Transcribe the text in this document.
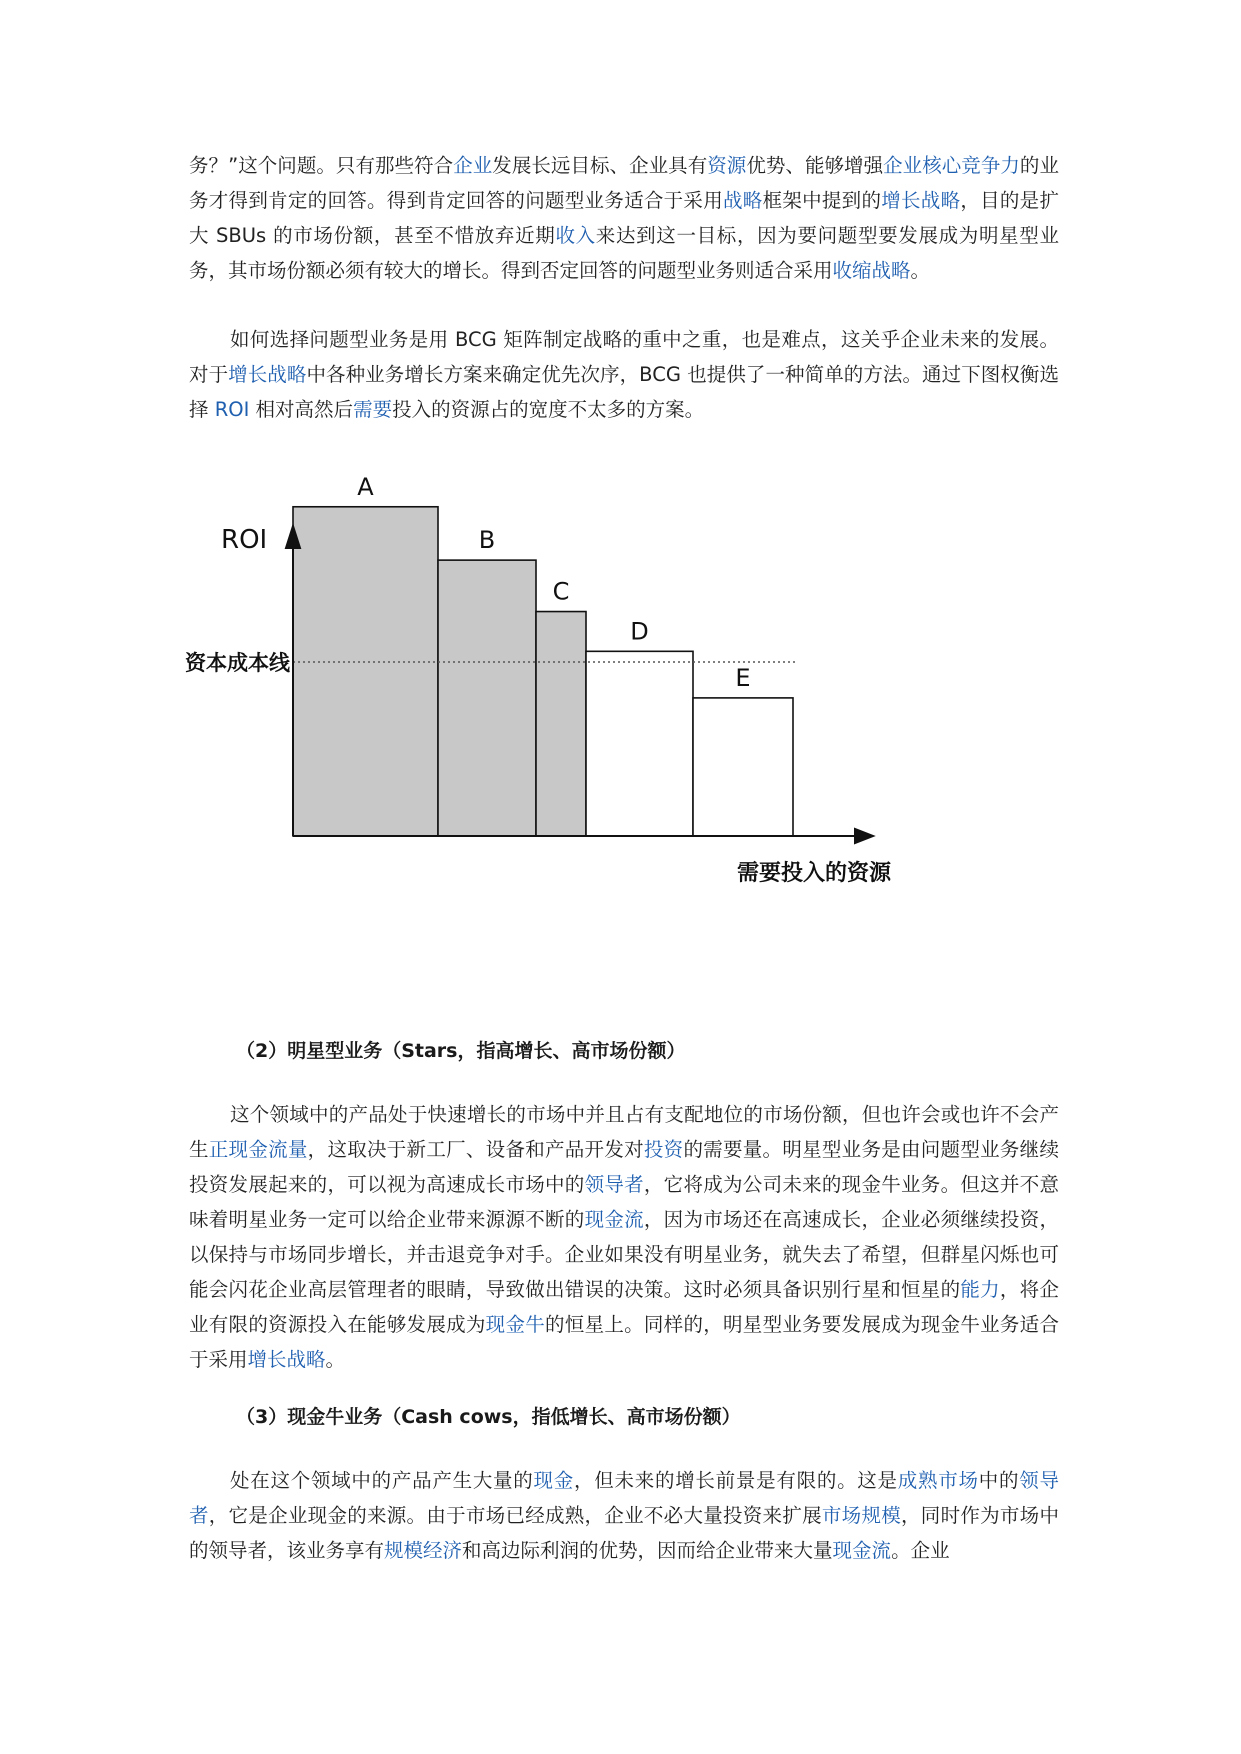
务？”这个问题。只有那些符合企业发展长远目标、企业具有资源优势、能够增强企业核心竞争力的业务才得到肯定的回答。得到肯定回答的问题型业务适合于采用战略框架中提到的增长战略，目的是扩大 SBUs 的市场份额，甚至不惜放弃近期收入来达到这一目标，因为要问题型要发展成为明星型业务，其市场份额必须有较大的增长。得到否定回答的问题型业务则适合采用收缩战略。

如何选择问题型业务是用 BCG 矩阵制定战略的重中之重，也是难点，这关乎企业未来的发展。对于增长战略中各种业务增长方案来确定优先次序，BCG 也提供了一种简单的方法。通过下图权衡选择 ROI 相对高然后需要投入的资源占的宽度不太多的方案。

ROI
需要投入的资源
资本成本线
A
B
C
D
E

（2）明星型业务（Stars，指高增长、高市场份额）

这个领域中的产品处于快速增长的市场中并且占有支配地位的市场份额，但也许会或也许不会产生正现金流量，这取决于新工厂、设备和产品开发对投资的需要量。明星型业务是由问题型业务继续投资发展起来的，可以视为高速成长市场中的领导者，它将成为公司未来的现金牛业务。但这并不意味着明星业务一定可以给企业带来源源不断的现金流，因为市场还在高速成长，企业必须继续投资，以保持与市场同步增长，并击退竞争对手。企业如果没有明星业务，就失去了希望，但群星闪烁也可能会闪花企业高层管理者的眼睛，导致做出错误的决策。这时必须具备识别行星和恒星的能力，将企业有限的资源投入在能够发展成为现金牛的恒星上。同样的，明星型业务要发展成为现金牛业务适合于采用增长战略。

（3）现金牛业务（Cash cows，指低增长、高市场份额）

处在这个领域中的产品产生大量的现金，但未来的增长前景是有限的。这是成熟市场中的领导者，它是企业现金的来源。由于市场已经成熟，企业不必大量投资来扩展市场规模，同时作为市场中的领导者，该业务享有规模经济和高边际利润的优势，因而给企业带来大量现金流。企业
